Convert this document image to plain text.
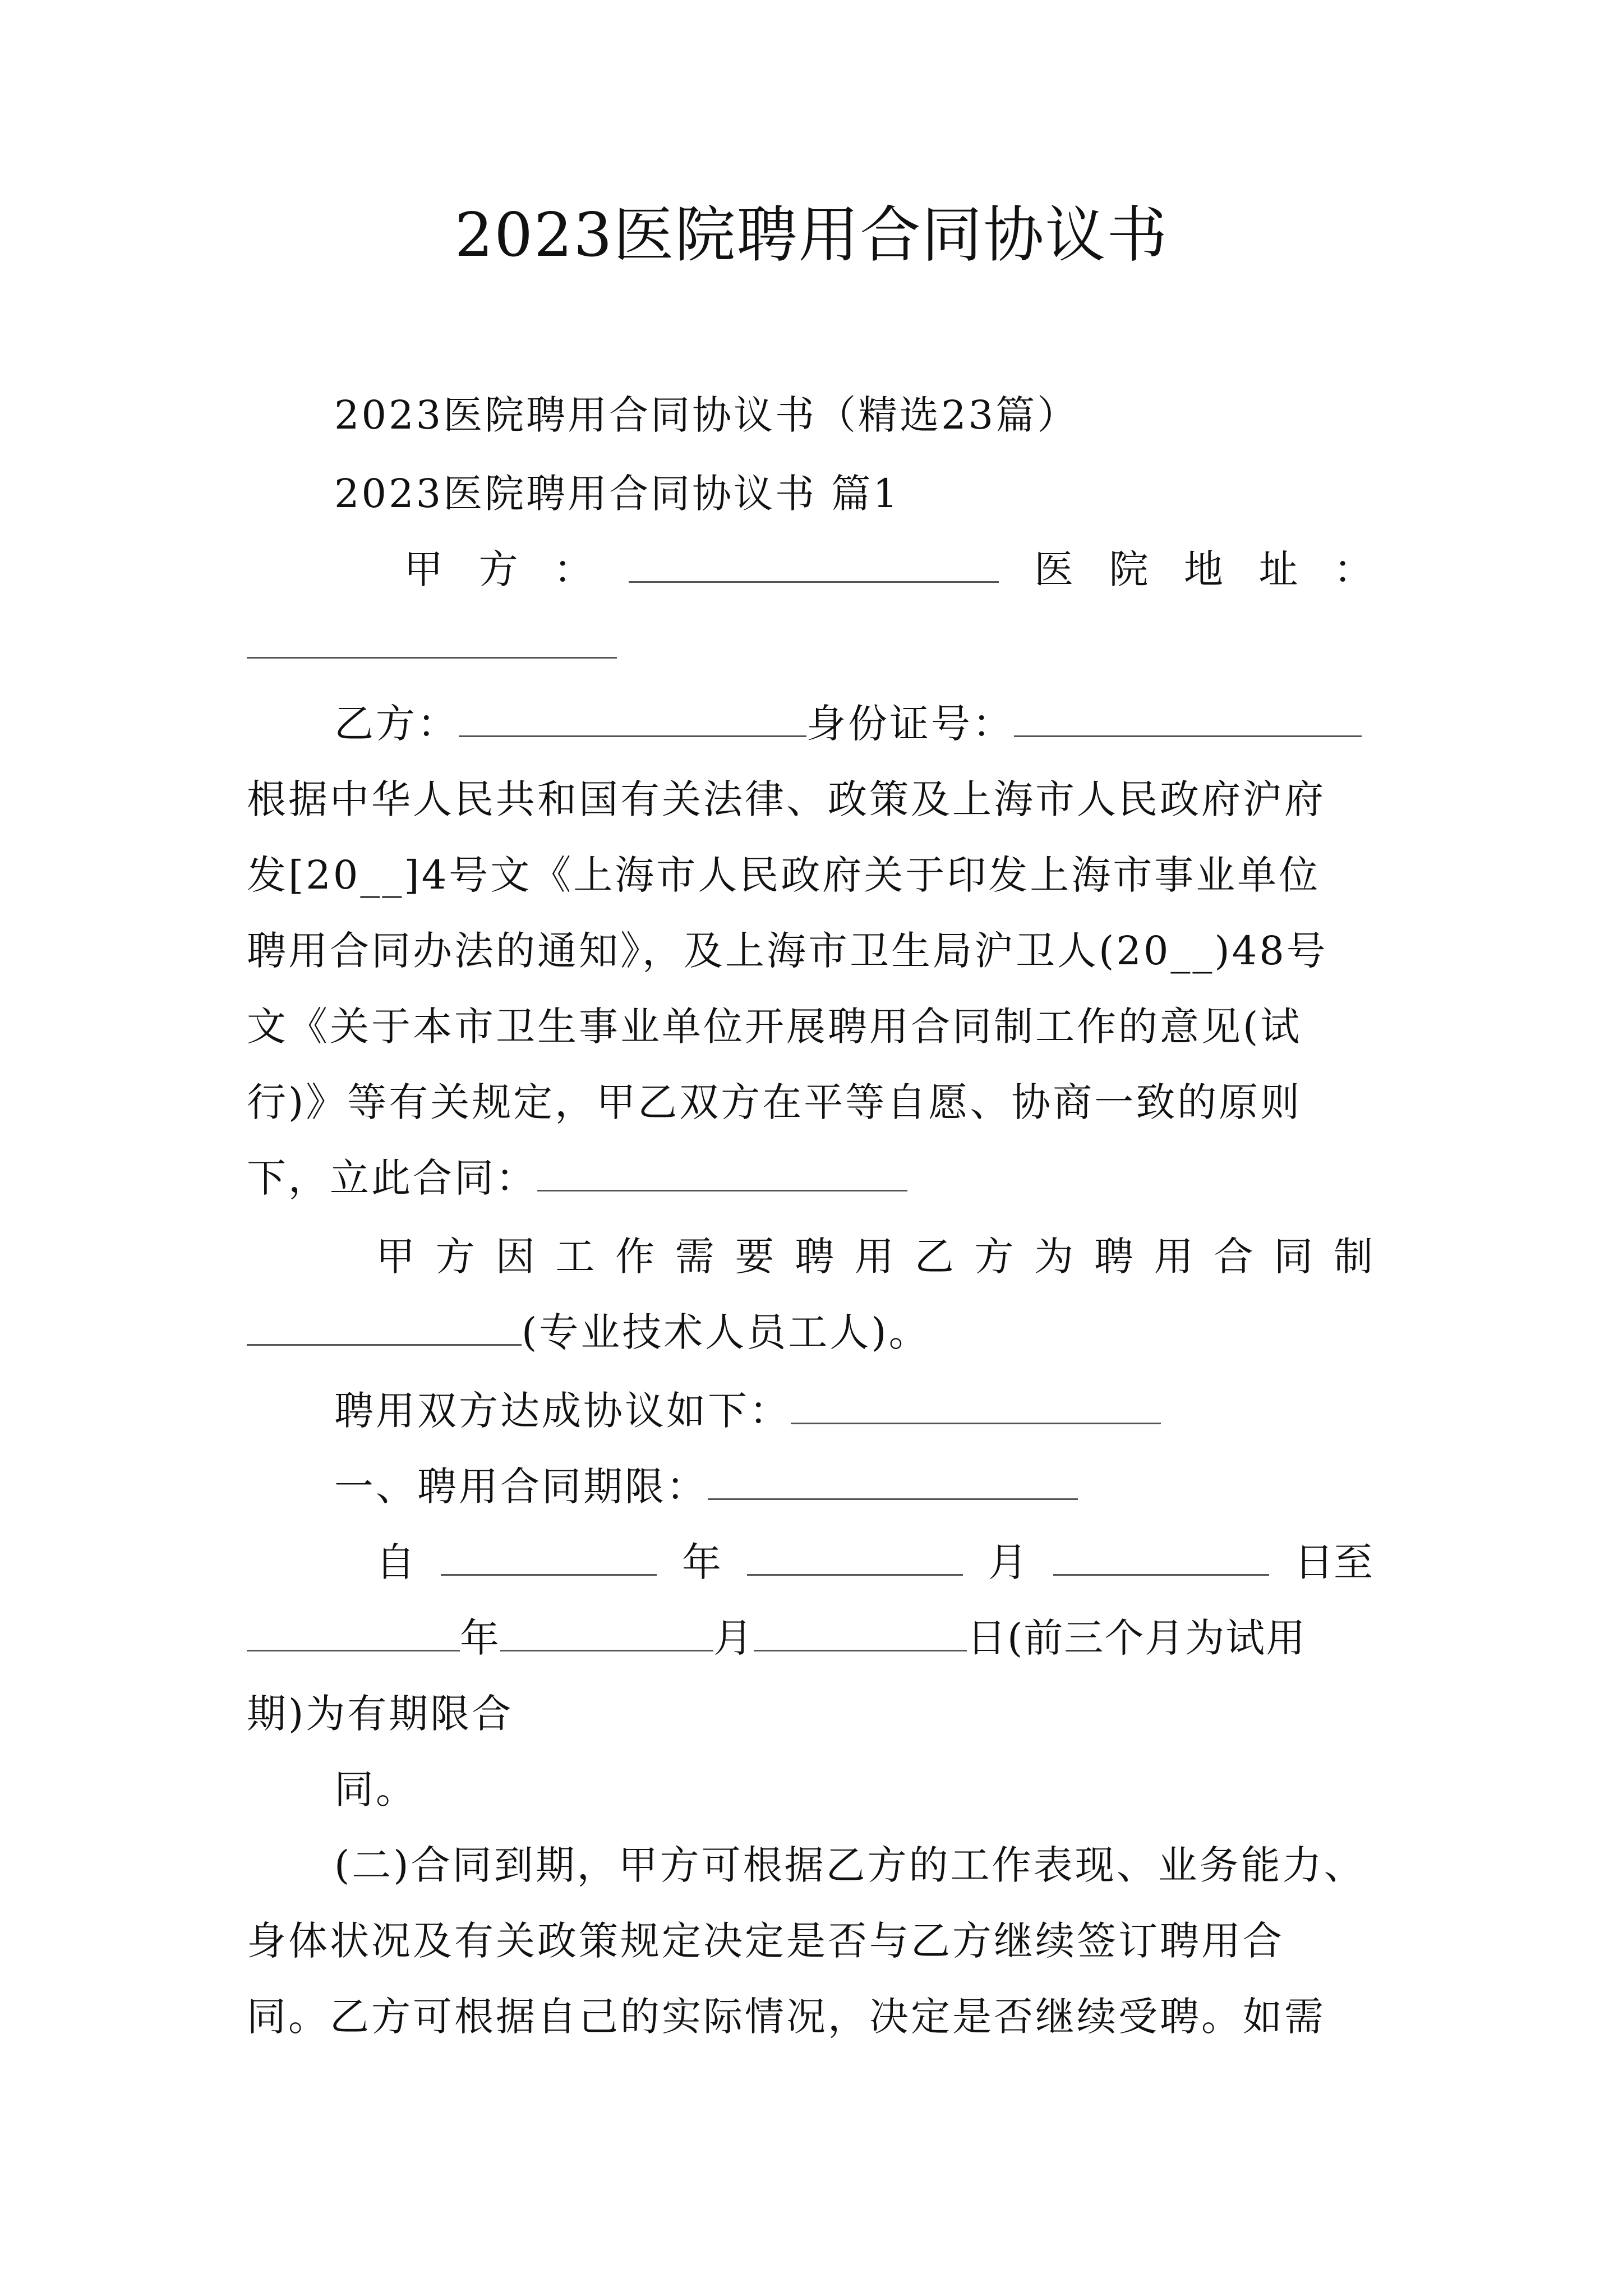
2023医院聘用合同协议书
2023医院聘用合同协议书（精选23篇）
2023医院聘用合同协议书 篇1
甲 方 ：	医 院 地 址 ：
乙方：	身份证号：
根据中华人民共和国有关法律、政策及上海市人民政府沪府
发[20__]4号文《上海市人民政府关于印发上海市事业单位
聘用合同办法的通知》，及上海市卫生局沪卫人(20__)48号
文《关于本市卫生事业单位开展聘用合同制工作的意见(试
行)》等有关规定，甲乙双方在平等自愿、协商一致的原则
下，立此合同：
甲 方 因 工 作 需 要 聘 用 乙 方 为 聘 用 合 同 制
(专业技术人员工人)。
聘用双方达成协议如下：
一、聘用合同期限：
自	年	月	日至
年	月	日(前三个月为试用
期)为有期限合
同。
(二)合同到期，甲方可根据乙方的工作表现、业务能力、
身体状况及有关政策规定决定是否与乙方继续签订聘用合
同。乙方可根据自己的实际情况，决定是否继续受聘。如需
